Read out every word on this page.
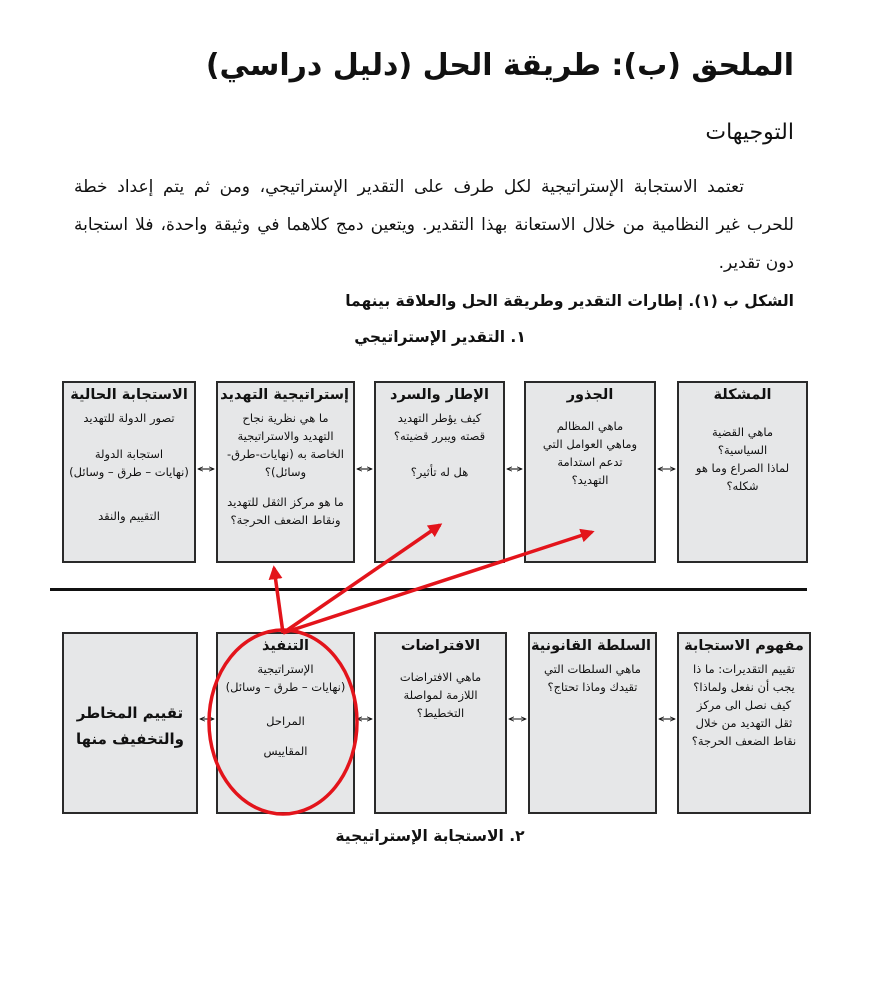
الملحق (ب): طريقة الحل (دليل دراسي)
التوجيهات
تعتمد الاستجابة الإستراتيجية لكل طرف على التقدير الإستراتيجي، ومن ثم يتم إعداد خطة للحرب غير النظامية من خلال الاستعانة بهذا التقدير. ويتعين دمج كلاهما في وثيقة واحدة، فلا استجابة دون تقدير.
الشكل ب (١). إطارات التقدير وطريقة الحل والعلاقة بينهما
١. التقدير الإستراتيجي
المشكلة
ماهي القضية
السياسية؟
لماذا الصراع وما هو
شكله؟
الجذور
ماهي المظالم
وماهي العوامل التي
تدعم استدامة
التهديد؟
الإطار والسرد
كيف يؤطر التهديد
قصته ويبرر قضيته؟
هل له تأثير؟
إستراتيجية التهديد
ما هي نظرية نجاح
التهديد والاستراتيجية
الخاصة به (نهايات-طرق-
وسائل)؟
ما هو مركز الثقل للتهديد
ونقاط الضعف الحرجة؟
الاستجابة الحالية
تصور الدولة للتهديد
استجابة الدولة
(نهايات – طرق – وسائل)
التقييم والنقد
مفهوم الاستجابة
تقييم التقديرات: ما ذا
يجب أن نفعل ولماذا؟
كيف نصل الى مركز
ثقل التهديد من خلال
نقاط الضعف الحرجة؟
السلطة القانونية
ماهي السلطات التي
تقيدك وماذا تحتاج؟
الافتراضات
ماهي الافتراضات
اللازمة لمواصلة
التخطيط؟
التنفيذ
الإستراتيجية
(نهايات – طرق – وسائل)
المراحل
المقاييس
تقييم المخاطر
والتخفيف منها
٢. الاستجابة الإستراتيجية
